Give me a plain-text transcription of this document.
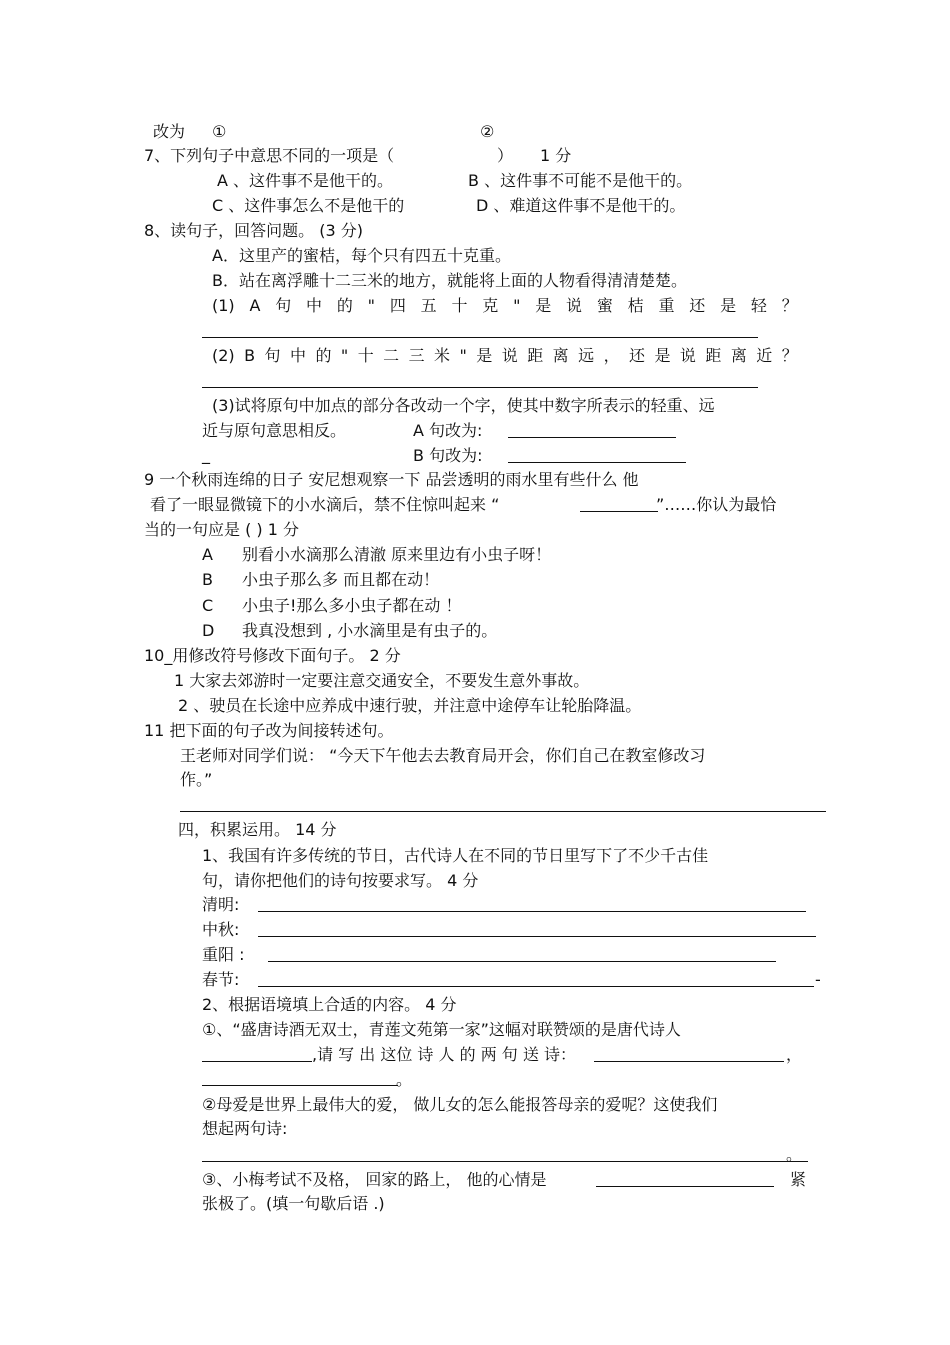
改为 ①	②
7、下列句子中意思不同的一项是（	） 1 分
A 、这件事不是他干的。	B 、这件事不可能不是他干的。
C 、这件事怎么不是他干的	D 、难道这件事不是他干的。
8、读句子，回答问题。 (3 分)
A．这里产的蜜桔，每个只有四五十克重。
B．站在离浮雕十二三米的地方，就能将上面的人物看得清清楚楚。
(1) A 句 中 的 " 四 五 十 克 " 是 说 蜜 桔 重 还 是 轻 ？
(2) B 句 中 的 " 十 二 三 米 " 是 说 距 离 远 ， 还 是 说 距 离 近 ？
(3)试将原句中加点的部分各改动一个字，使其中数字所表示的轻重、远
近与原句意思相反。	A 句改为:
_	B 句改为:
9 一个秋雨连绵的日子 安尼想观察一下 品尝透明的雨水里有些什么 他
看了一眼显微镜下的小水滴后，禁不住惊叫起来 “	”……你认为最恰
当的一句应是 ( ) 1 分
A 别看小水滴那么清澈 原来里边有小虫子呀！
B 小虫子那么多 而且都在动！
C 小虫子!那么多小虫子都在动 ！
D 我真没想到 , 小水滴里是有虫子的。
10_用修改符号修改下面句子。 2 分
1 大家去郊游时一定要注意交通安全，不要发生意外事故。
2 、驶员在长途中应养成中速行驶，并注意中途停车让轮胎降温。
11 把下面的句子改为间接转述句。
王老师对同学们说： “今天下午他去去教育局开会，你们自己在教室修改习
作。”
四，积累运用。 14 分
1、我国有许多传统的节日，古代诗人在不同的节日里写下了不少千古佳
句，请你把他们的诗句按要求写。 4 分
清明:
中秋:
重阳 :
春节:	-
2、根据语境填上合适的内容。 4 分
①、“盛唐诗酒无双士，青莲文苑第一家”这幅对联赞颂的是唐代诗人
,请 写 出 这位 诗 人 的 两 句 送 诗：	，
。
②母爱是世界上最伟大的爱， 做儿女的怎么能报答母亲的爱呢？这使我们
想起两句诗:
。
③、小梅考试不及格， 回家的路上， 他的心情是	紧
张极了。(填一句歇后语 .)
